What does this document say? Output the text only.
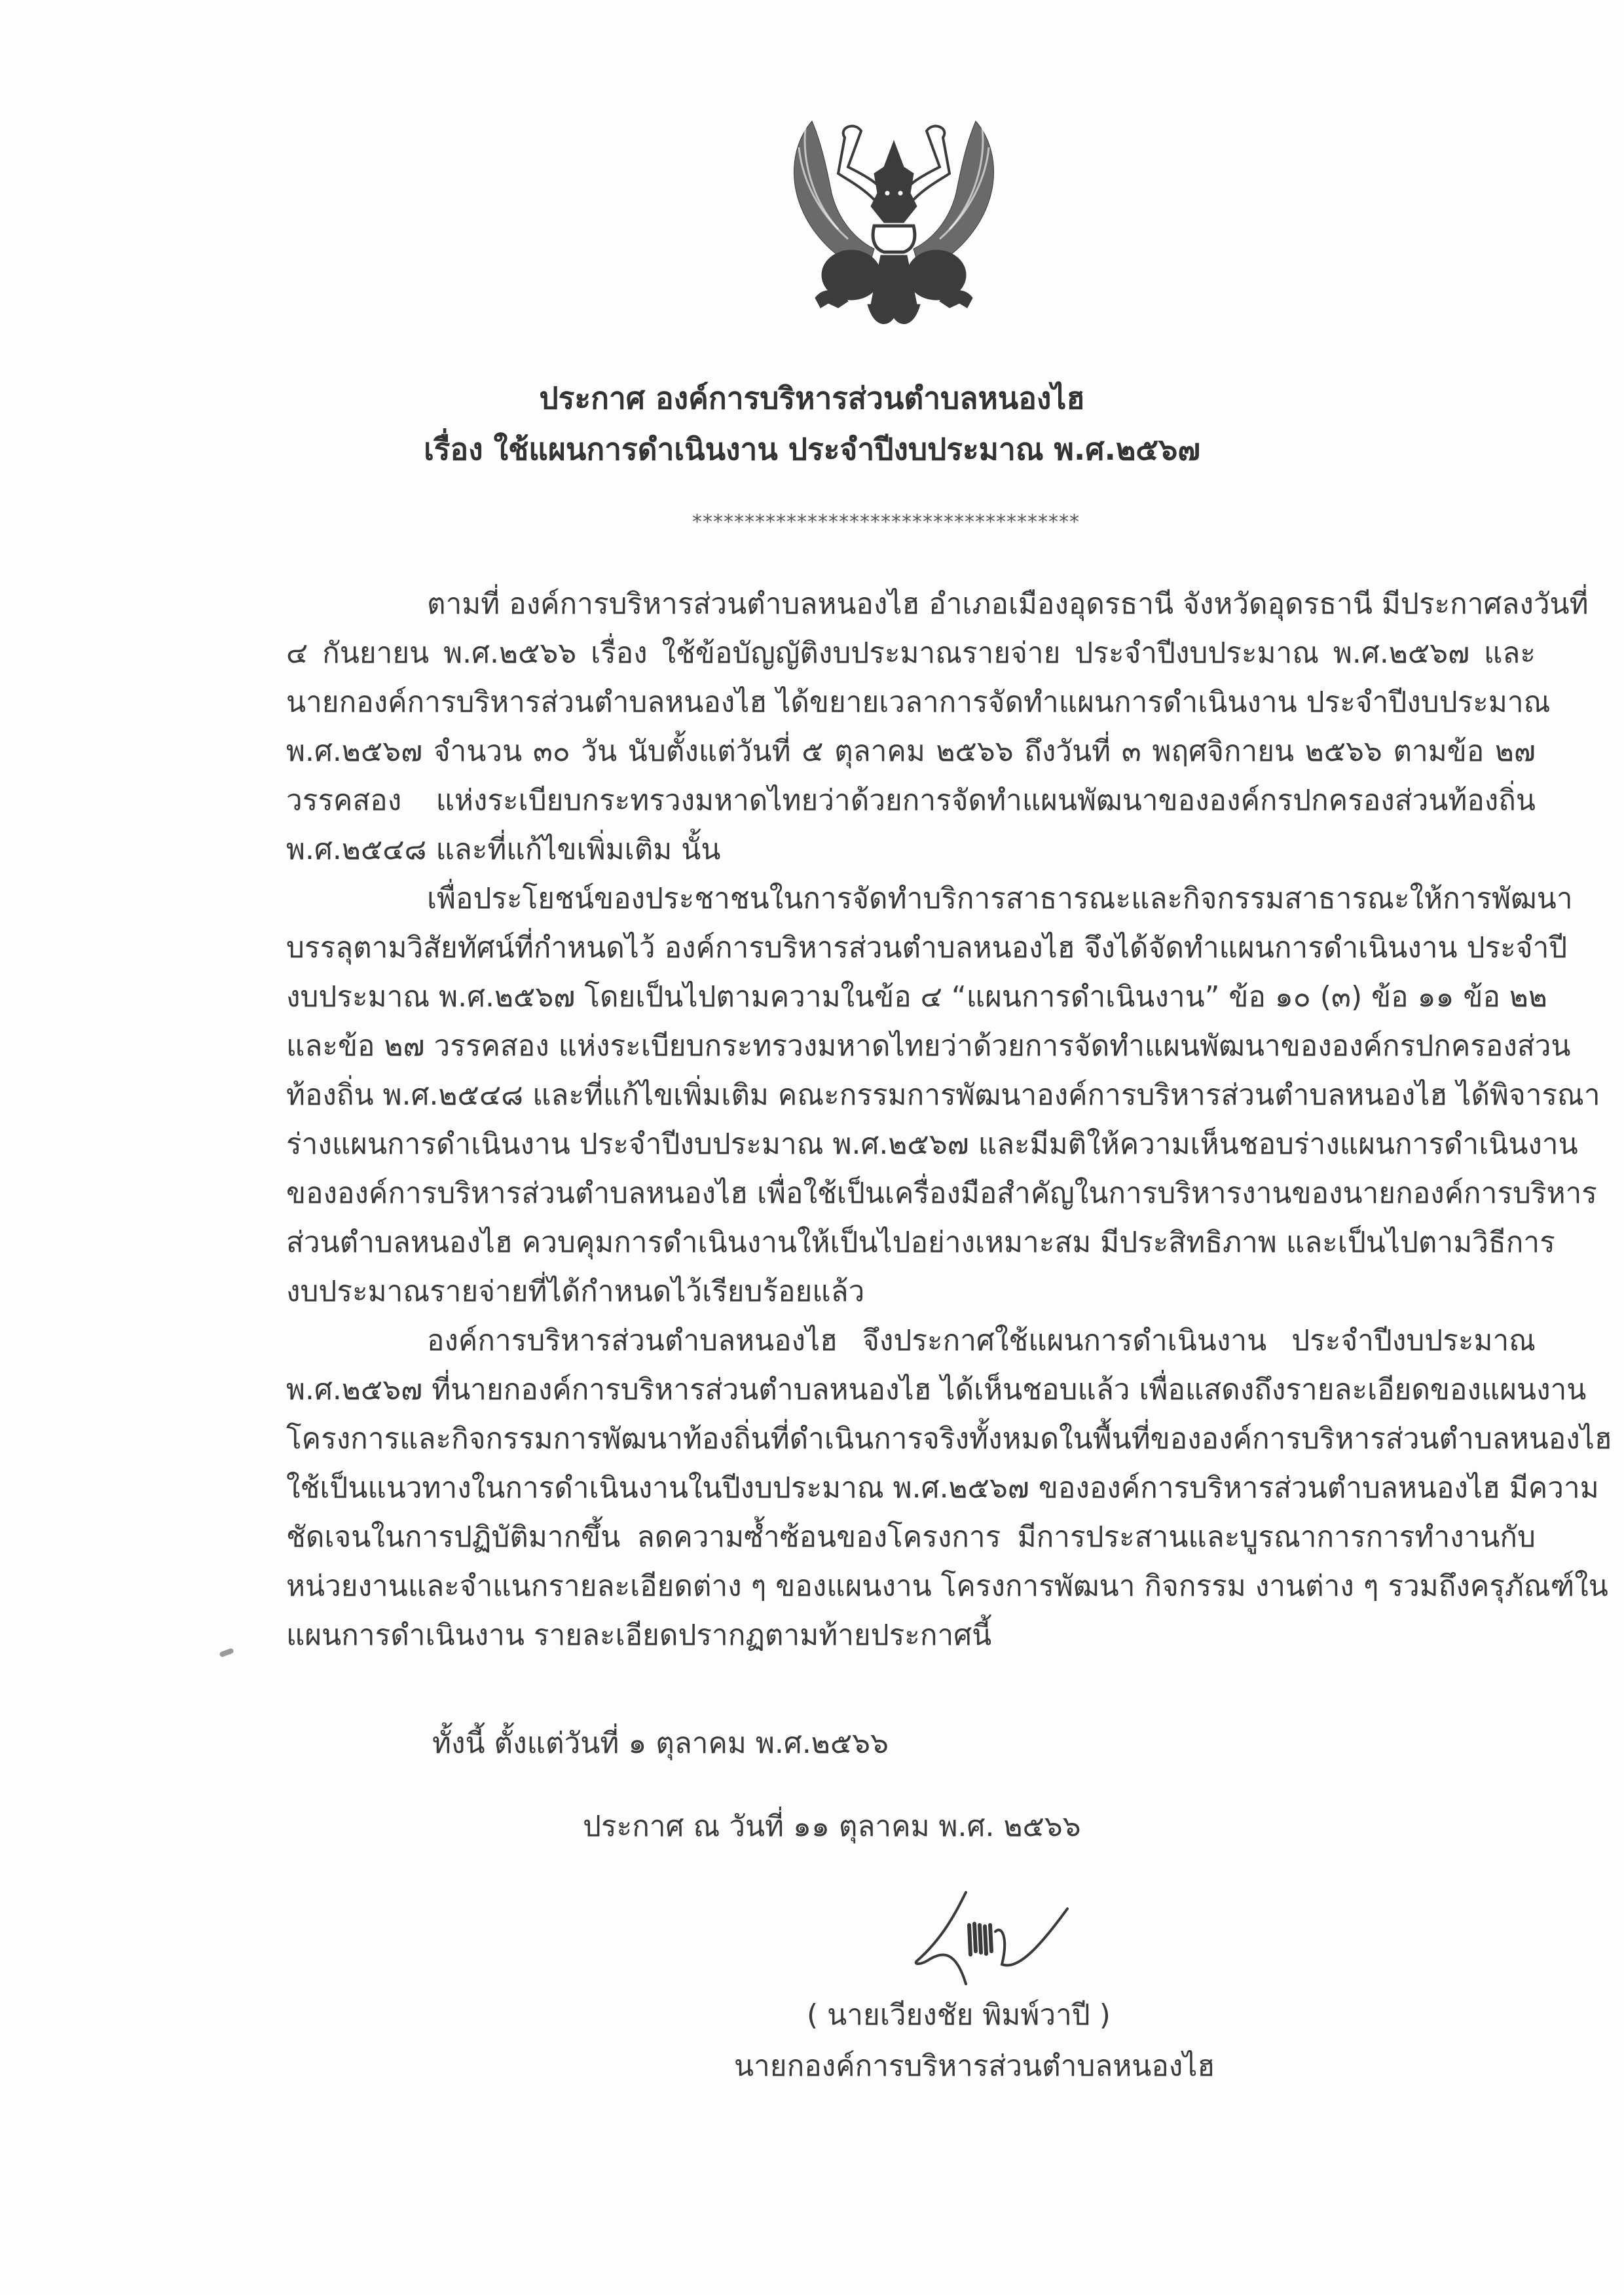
ประกาศ องค์การบริหารส่วนตำบลหนองไฮ
เรื่อง ใช้แผนการดำเนินงาน ประจำปีงบประมาณ พ.ศ.๒๕๖๗
*************************************
ตามที่ องค์การบริหารส่วนตำบลหนองไฮ อำเภอเมืองอุดรธานี จังหวัดอุดรธานี มีประกาศลงวันที่
๔ กันยายน พ.ศ.๒๕๖๖ เรื่อง ใช้ข้อบัญญัติงบประมาณรายจ่าย ประจำปีงบประมาณ พ.ศ.๒๕๖๗ และ
นายกองค์การบริหารส่วนตำบลหนองไฮ ได้ขยายเวลาการจัดทำแผนการดำเนินงาน ประจำปีงบประมาณ
พ.ศ.๒๕๖๗ จำนวน ๓๐ วัน นับตั้งแต่วันที่ ๕ ตุลาคม ๒๕๖๖ ถึงวันที่ ๓ พฤศจิกายน ๒๕๖๖ ตามข้อ ๒๗
วรรคสอง แห่งระเบียบกระทรวงมหาดไทยว่าด้วยการจัดทำแผนพัฒนาขององค์กรปกครองส่วนท้องถิ่น
พ.ศ.๒๕๔๘ และที่แก้ไขเพิ่มเติม นั้น
เพื่อประโยชน์ของประชาชนในการจัดทำบริการสาธารณะและกิจกรรมสาธารณะให้การพัฒนา
บรรลุตามวิสัยทัศน์ที่กำหนดไว้ องค์การบริหารส่วนตำบลหนองไฮ จึงได้จัดทำแผนการดำเนินงาน ประจำปี
งบประมาณ พ.ศ.๒๕๖๗ โดยเป็นไปตามความในข้อ ๔ “แผนการดำเนินงาน” ข้อ ๑๐ (๓) ข้อ ๑๑ ข้อ ๒๒
และข้อ ๒๗ วรรคสอง แห่งระเบียบกระทรวงมหาดไทยว่าด้วยการจัดทำแผนพัฒนาขององค์กรปกครองส่วน
ท้องถิ่น พ.ศ.๒๕๔๘ และที่แก้ไขเพิ่มเติม คณะกรรมการพัฒนาองค์การบริหารส่วนตำบลหนองไฮ ได้พิจารณา
ร่างแผนการดำเนินงาน ประจำปีงบประมาณ พ.ศ.๒๕๖๗ และมีมติให้ความเห็นชอบร่างแผนการดำเนินงาน
ขององค์การบริหารส่วนตำบลหนองไฮ เพื่อใช้เป็นเครื่องมือสำคัญในการบริหารงานของนายกองค์การบริหาร
ส่วนตำบลหนองไฮ ควบคุมการดำเนินงานให้เป็นไปอย่างเหมาะสม มีประสิทธิภาพ และเป็นไปตามวิธีการ
งบประมาณรายจ่ายที่ได้กำหนดไว้เรียบร้อยแล้ว
องค์การบริหารส่วนตำบลหนองไฮ จึงประกาศใช้แผนการดำเนินงาน ประจำปีงบประมาณ
พ.ศ.๒๕๖๗ ที่นายกองค์การบริหารส่วนตำบลหนองไฮ ได้เห็นชอบแล้ว เพื่อแสดงถึงรายละเอียดของแผนงาน
โครงการและกิจกรรมการพัฒนาท้องถิ่นที่ดำเนินการจริงทั้งหมดในพื้นที่ขององค์การบริหารส่วนตำบลหนองไฮ
ใช้เป็นแนวทางในการดำเนินงานในปีงบประมาณ พ.ศ.๒๕๖๗ ขององค์การบริหารส่วนตำบลหนองไฮ มีความ
ชัดเจนในการปฏิบัติมากขึ้น ลดความซ้ำซ้อนของโครงการ มีการประสานและบูรณาการการทำงานกับ
หน่วยงานและจำแนกรายละเอียดต่าง ๆ ของแผนงาน โครงการพัฒนา กิจกรรม งานต่าง ๆ รวมถึงครุภัณฑ์ใน
แผนการดำเนินงาน รายละเอียดปรากฏตามท้ายประกาศนี้
ทั้งนี้ ตั้งแต่วันที่ ๑ ตุลาคม พ.ศ.๒๕๖๖
ประกาศ ณ วันที่ ๑๑ ตุลาคม พ.ศ. ๒๕๖๖
( นายเวียงชัย พิมพ์วาปี )
นายกองค์การบริหารส่วนตำบลหนองไฮ
